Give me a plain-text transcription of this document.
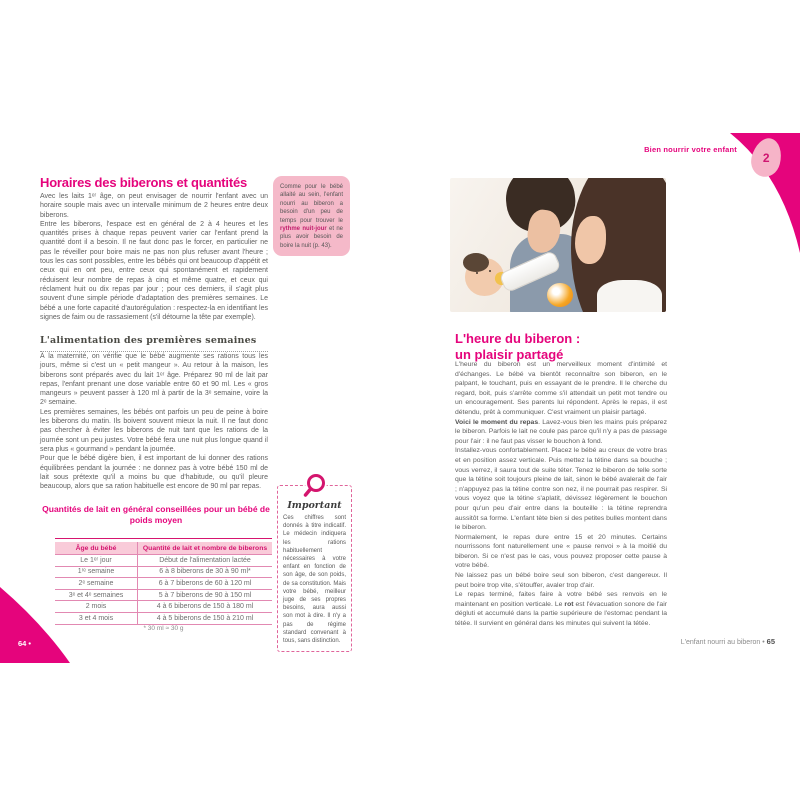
2
Bien nourrir votre enfant
64 •
Horaires des biberons et quantités

Avec les laits 1ᵉʳ âge, on peut envisager de nourrir l'enfant avec un horaire souple mais avec un intervalle minimum de 2 heures entre deux biberons.

Entre les biberons, l'espace est en général de 2 à 4 heures et les quantités prises à chaque repas peuvent varier car l'enfant prend la quantité dont il a besoin. Il ne faut donc pas le forcer, en particulier ne pas le réveiller pour boire mais ne pas non plus refuser avant l'heure ; tous les cas sont possibles, entre les bébés qui ont beaucoup d'appétit et ceux qui en ont peu, entre ceux qui spontanément et rapidement réduisent leur nombre de repas à cinq et même quatre, et ceux qui réclament huit ou dix repas par jour ; pour ces derniers, il s'agit plus souvent d'une simple période d'adaptation des premières semaines. Le bébé a une forte capacité d'autorégulation : respectez-la en identifiant les signes de faim ou de rassasiement (s'il détourne la tête par exemple).

Comme pour le bébé allaité au sein, l'enfant nourri au biberon a besoin d'un peu de temps pour trouver le rythme nuit-jour et ne plus avoir besoin de boire la nuit (p. 43).
L'alimentation des premières semaines

À la maternité, on vérifie que le bébé augmente ses rations tous les jours, même si c'est un « petit mangeur ». Au retour à la maison, les biberons sont préparés avec du lait 1ᵉʳ âge. Préparez 90 ml de lait par repas, l'enfant prenant une dose variable entre 60 et 90 ml. Les « gros mangeurs » peuvent passer à 120 ml à partir de la 3ᵉ semaine, voire la 2ᵉ semaine.

Les premières semaines, les bébés ont parfois un peu de peine à boire les biberons du matin. Ils boivent souvent mieux la nuit. Il ne faut donc pas chercher à éviter les biberons de nuit tant que les rations de la journée sont un peu justes. Votre bébé fera une nuit plus longue quand il sera plus « gourmand » pendant la journée.

Pour que le bébé digère bien, il est important de lui donner des rations équilibrées pendant la journée : ne donnez pas à votre bébé 150 ml de lait sous prétexte qu'il a moins bu que d'habitude, ou qu'il pleure beaucoup, alors que sa ration habituelle est encore de 90 ml par repas.

Quantités de lait en général conseillées pour un bébé de poids moyen
Âge du bébé	Quantité de lait et nombre de biberons
Le 1ᵉʳ jour	Début de l'alimentation lactée
1ʳᵉ semaine	6 à 8 biberons de 30 à 90 ml*
2ᵉ semaine	6 à 7 biberons de 60 à 120 ml
3ᵉ et 4ᵉ semaines	5 à 7 biberons de 90 à 150 ml
2 mois	4 à 6 biberons de 150 à 180 ml
3 et 4 mois	4 à 5 biberons de 150 à 210 ml
* 30 ml ≈ 30 g
Important
Ces chiffres sont donnés à titre indicatif. Le médecin indiquera les rations habituellement nécessaires à votre enfant en fonction de son âge, de son poids, de sa constitution. Mais votre bébé, meilleur juge de ses propres besoins, aura aussi son mot à dire. Il n'y a pas de régime standard convenant à tous, sans distinction.
L'heure du biberon :
un plaisir partagé

L'heure du biberon est un merveilleux moment d'intimité et d'échanges. Le bébé va bientôt reconnaître son biberon, en le palpant, le touchant, puis en essayant de le prendre. Il le cherche du regard, boit, puis s'arrête comme s'il attendait un petit mot tendre ou un encouragement. Ses parents lui répondent. Après le repas, il est détendu, prêt à communiquer. C'est vraiment un plaisir partagé.

Voici le moment du repas. Lavez-vous bien les mains puis préparez le biberon. Parfois le lait ne coule pas parce qu'il n'y a pas de passage pour l'air : il ne faut pas visser le bouchon à fond.

Installez-vous confortablement. Placez le bébé au creux de votre bras et en position assez verticale. Puis mettez la tétine dans sa bouche ; vous verrez, il saura tout de suite téter. Tenez le biberon de telle sorte que la tétine soit toujours pleine de lait, sinon le bébé avalerait de l'air ; n'appuyez pas la tétine contre son nez, il ne pourrait pas respirer. Si vous voyez que la tétine s'aplatit, dévissez légèrement le bouchon pour qu'un peu d'air entre dans la bouteille : la tétine reprendra aussitôt sa forme. L'enfant tète bien si des petites bulles montent dans le biberon.

Normalement, le repas dure entre 15 et 20 minutes. Certains nourrissons font naturellement une « pause renvoi » à la moitié du biberon. Si ce n'est pas le cas, vous pouvez proposer cette pause à votre bébé.

Ne laissez pas un bébé boire seul son biberon, c'est dangereux. Il peut boire trop vite, s'étouffer, avaler trop d'air.

Le repas terminé, faites faire à votre bébé ses renvois en le maintenant en position verticale. Le rot est l'évacuation sonore de l'air dégluti et accumulé dans la partie supérieure de l'estomac pendant la tétée. Il survient en général dans les minutes qui suivent la tétée.

L'enfant nourri au biberon • 65
